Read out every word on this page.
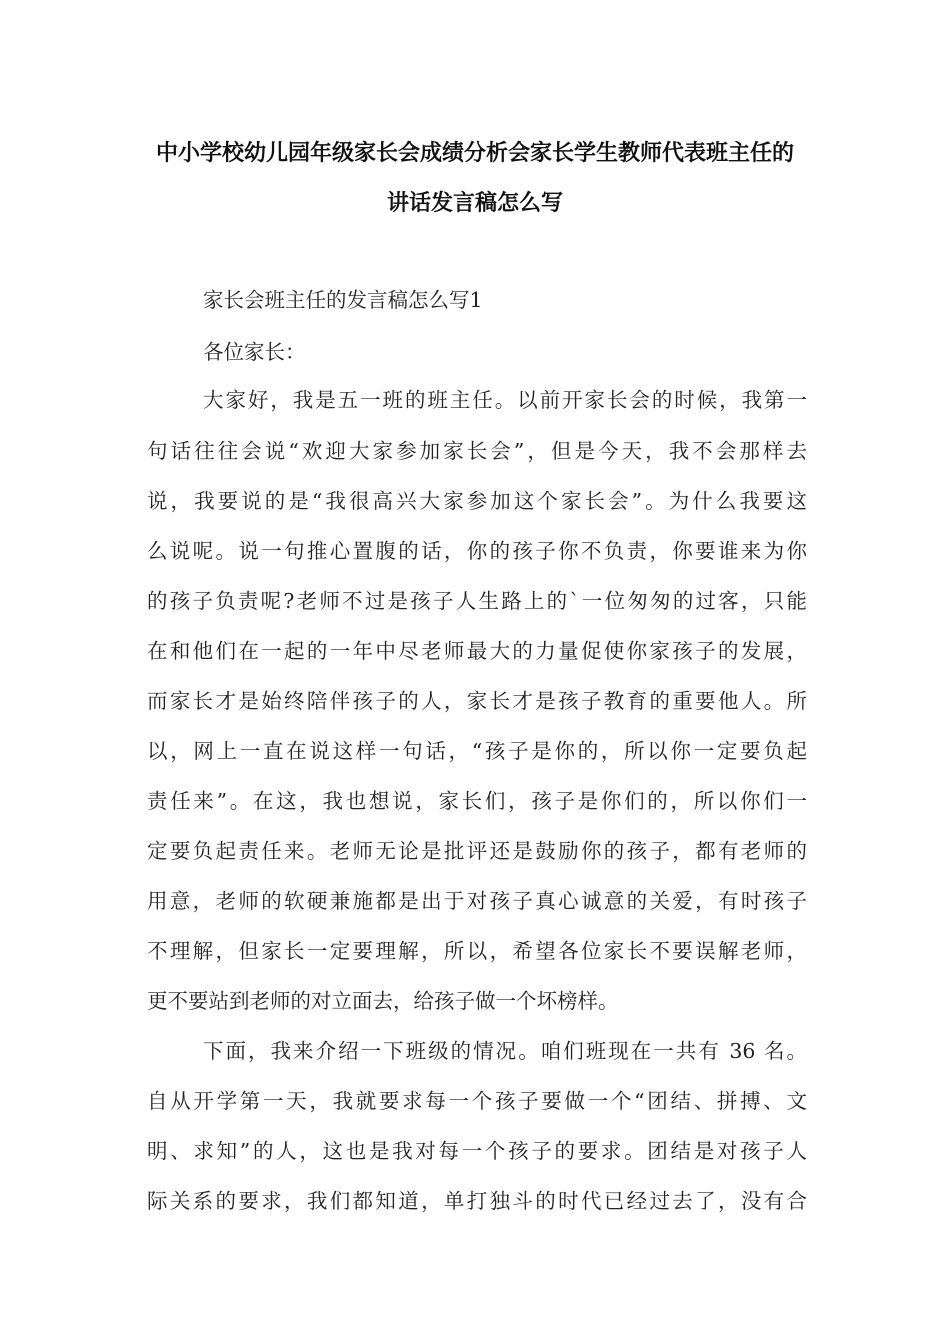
中小学校幼儿园年级家长会成绩分析会家长学生教师代表班主任的
讲话发言稿怎么写
家长会班主任的发言稿怎么写1
各位家长：
大家好，我是五一班的班主任。以前开家长会的时候，我第一
句话往往会说“欢迎大家参加家长会”，但是今天，我不会那样去
说，我要说的是“我很高兴大家参加这个家长会”。为什么我要这
么说呢。说一句推心置腹的话，你的孩子你不负责，你要谁来为你
的孩子负责呢?老师不过是孩子人生路上的`一位匆匆的过客，只能
在和他们在一起的一年中尽老师最大的力量促使你家孩子的发展，
而家长才是始终陪伴孩子的人，家长才是孩子教育的重要他人。所
以，网上一直在说这样一句话，“孩子是你的，所以你一定要负起
责任来”。在这，我也想说，家长们，孩子是你们的，所以你们一
定要负起责任来。老师无论是批评还是鼓励你的孩子，都有老师的
用意，老师的软硬兼施都是出于对孩子真心诚意的关爱，有时孩子
不理解，但家长一定要理解，所以，希望各位家长不要误解老师，
更不要站到老师的对立面去，给孩子做一个坏榜样。
下面，我来介绍一下班级的情况。咱们班现在一共有 36 名。
自从开学第一天，我就要求每一个孩子要做一个“团结、拼搏、文
明、求知”的人，这也是我对每一个孩子的要求。团结是对孩子人
际关系的要求，我们都知道，单打独斗的时代已经过去了，没有合
